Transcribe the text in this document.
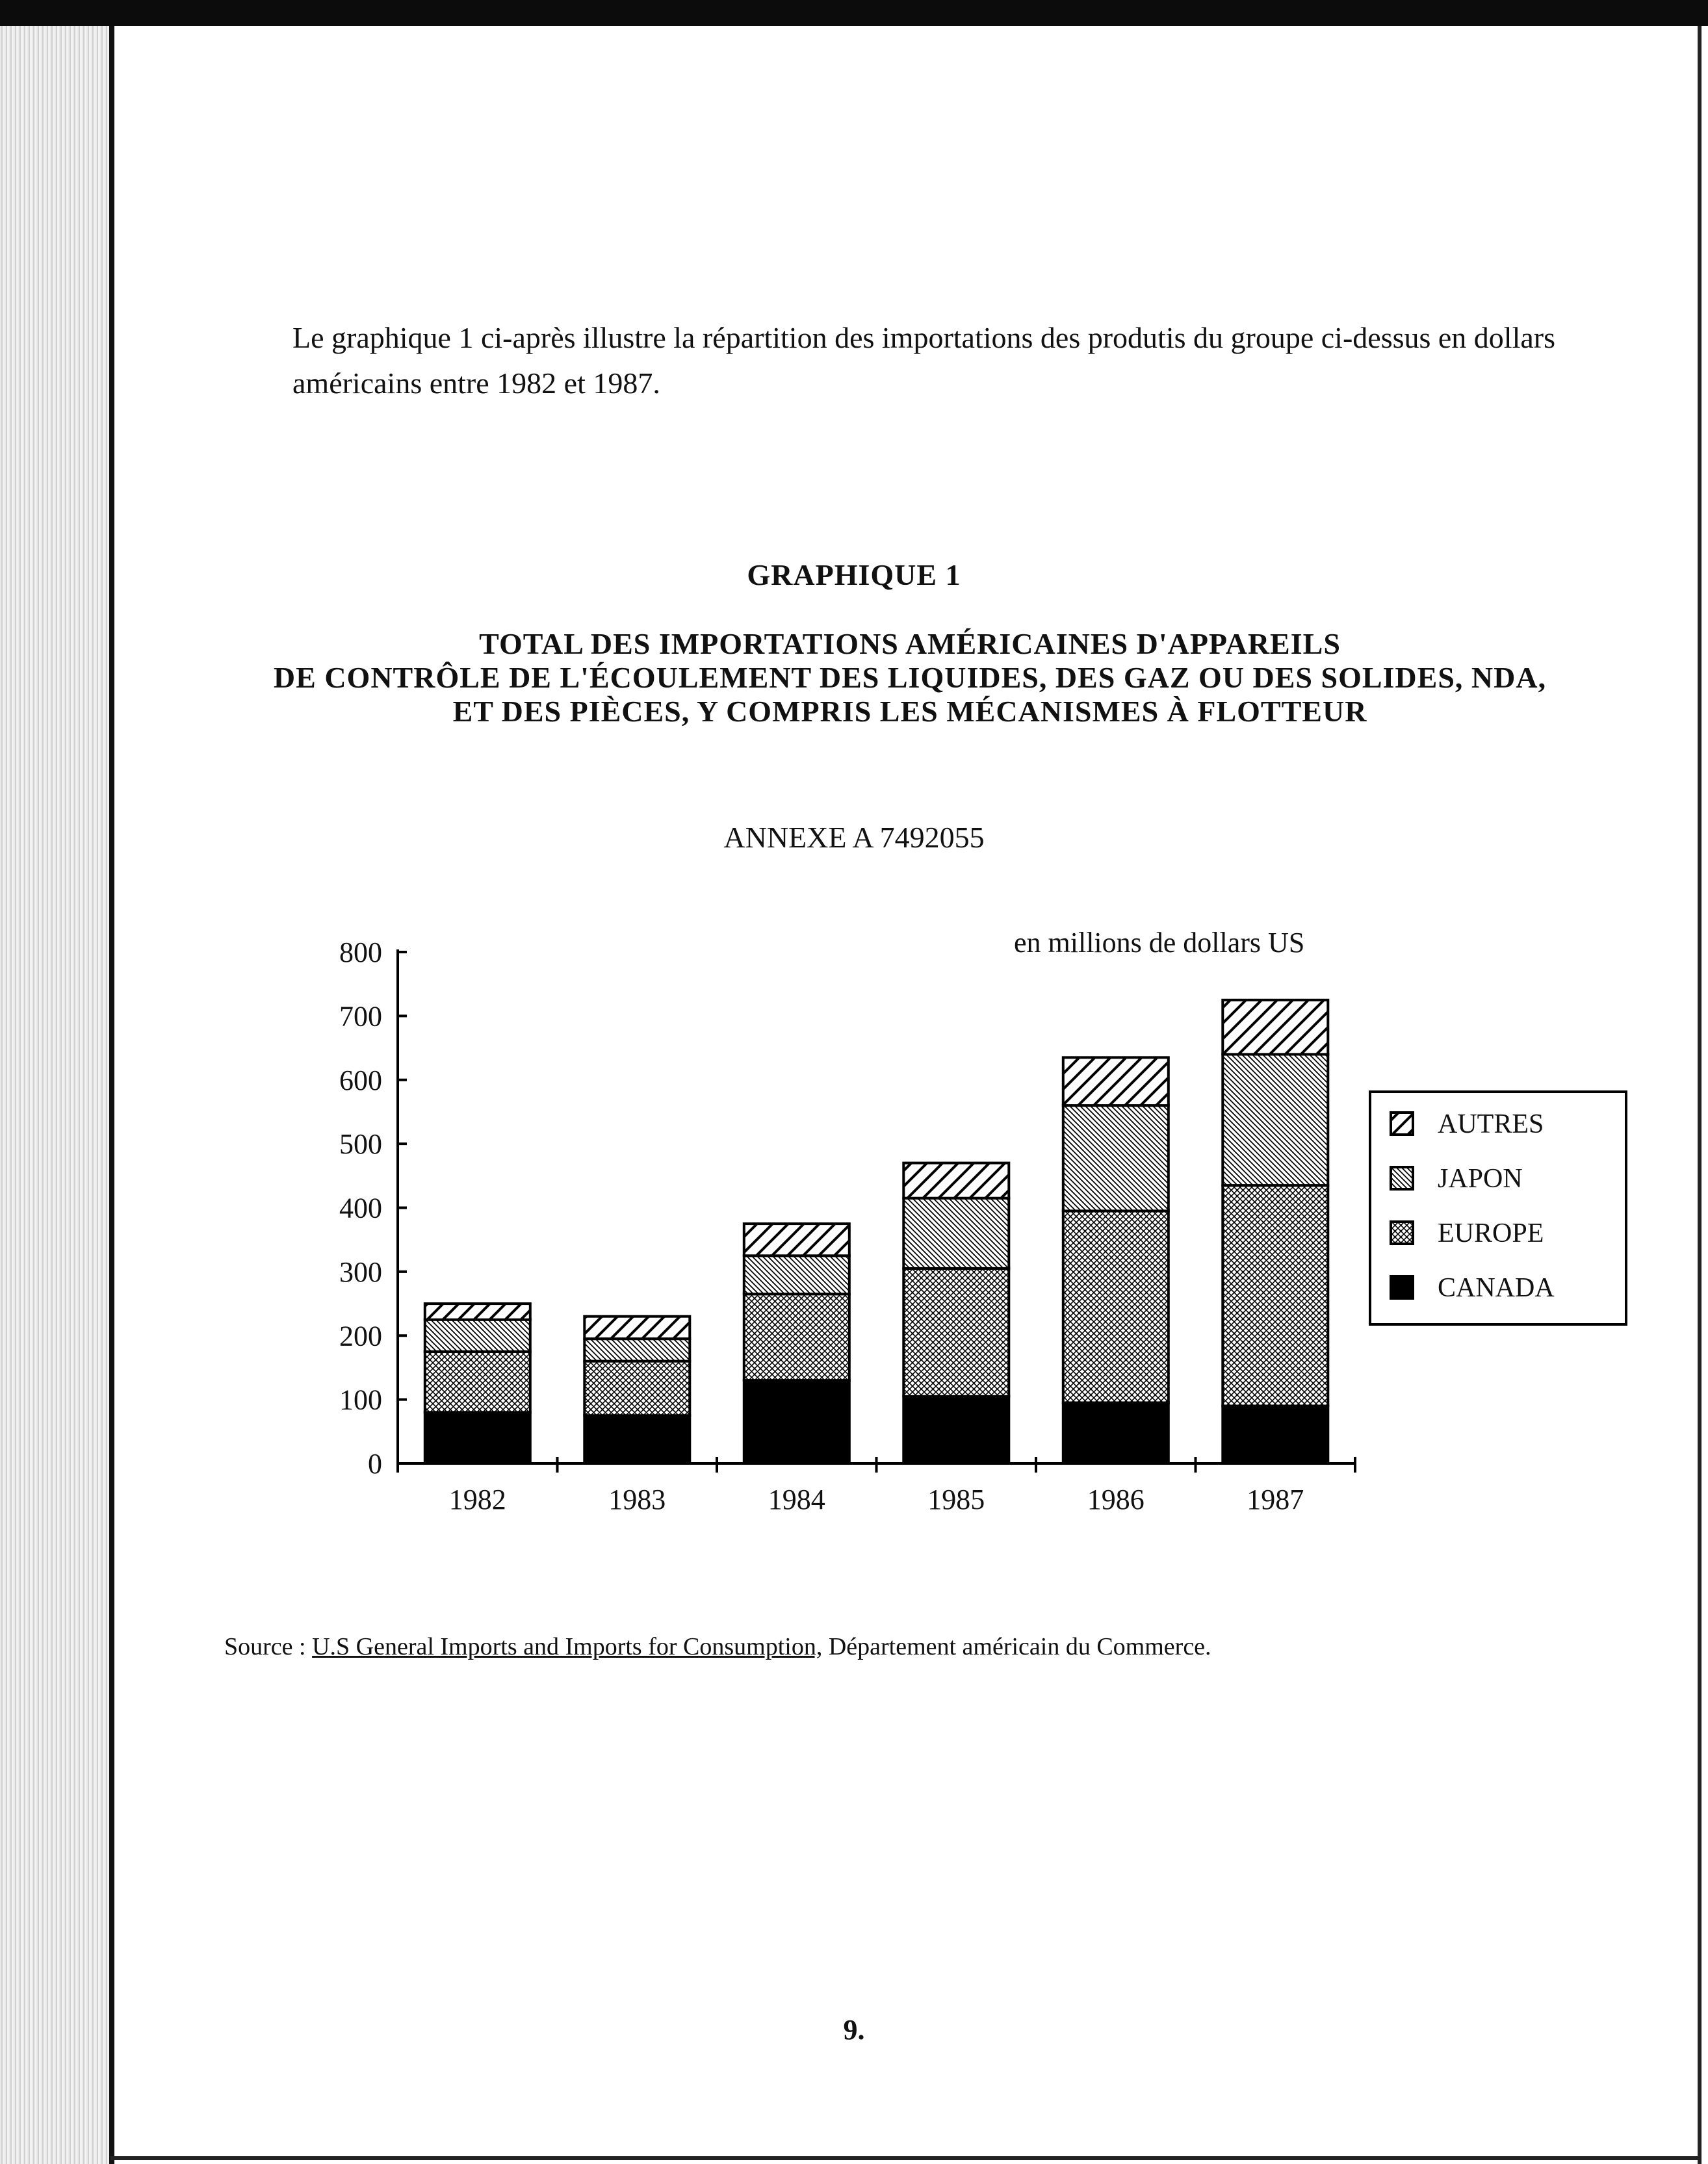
Le graphique 1 ci-après illustre la répartition des importations des produtis du groupe ci-dessus en dollars américains entre 1982 et 1987.

GRAPHIQUE 1
TOTAL DES IMPORTATIONS AMÉRICAINES D'APPAREILS
DE CONTRÔLE DE L'ÉCOULEMENT DES LIQUIDES, DES GAZ OU DES SOLIDES, NDA,
ET DES PIÈCES, Y COMPRIS LES MÉCANISMES À FLOTTEUR
ANNEXE A 7492055
en millions de dollars US
0
100
200
300
400
500
600
700
800
1982	1983	1984	1985	1986	1987
AUTRES
JAPON
EUROPE
CANADA
Source : U.S General Imports and Imports for Consumption, Département américain du Commerce.
9.
